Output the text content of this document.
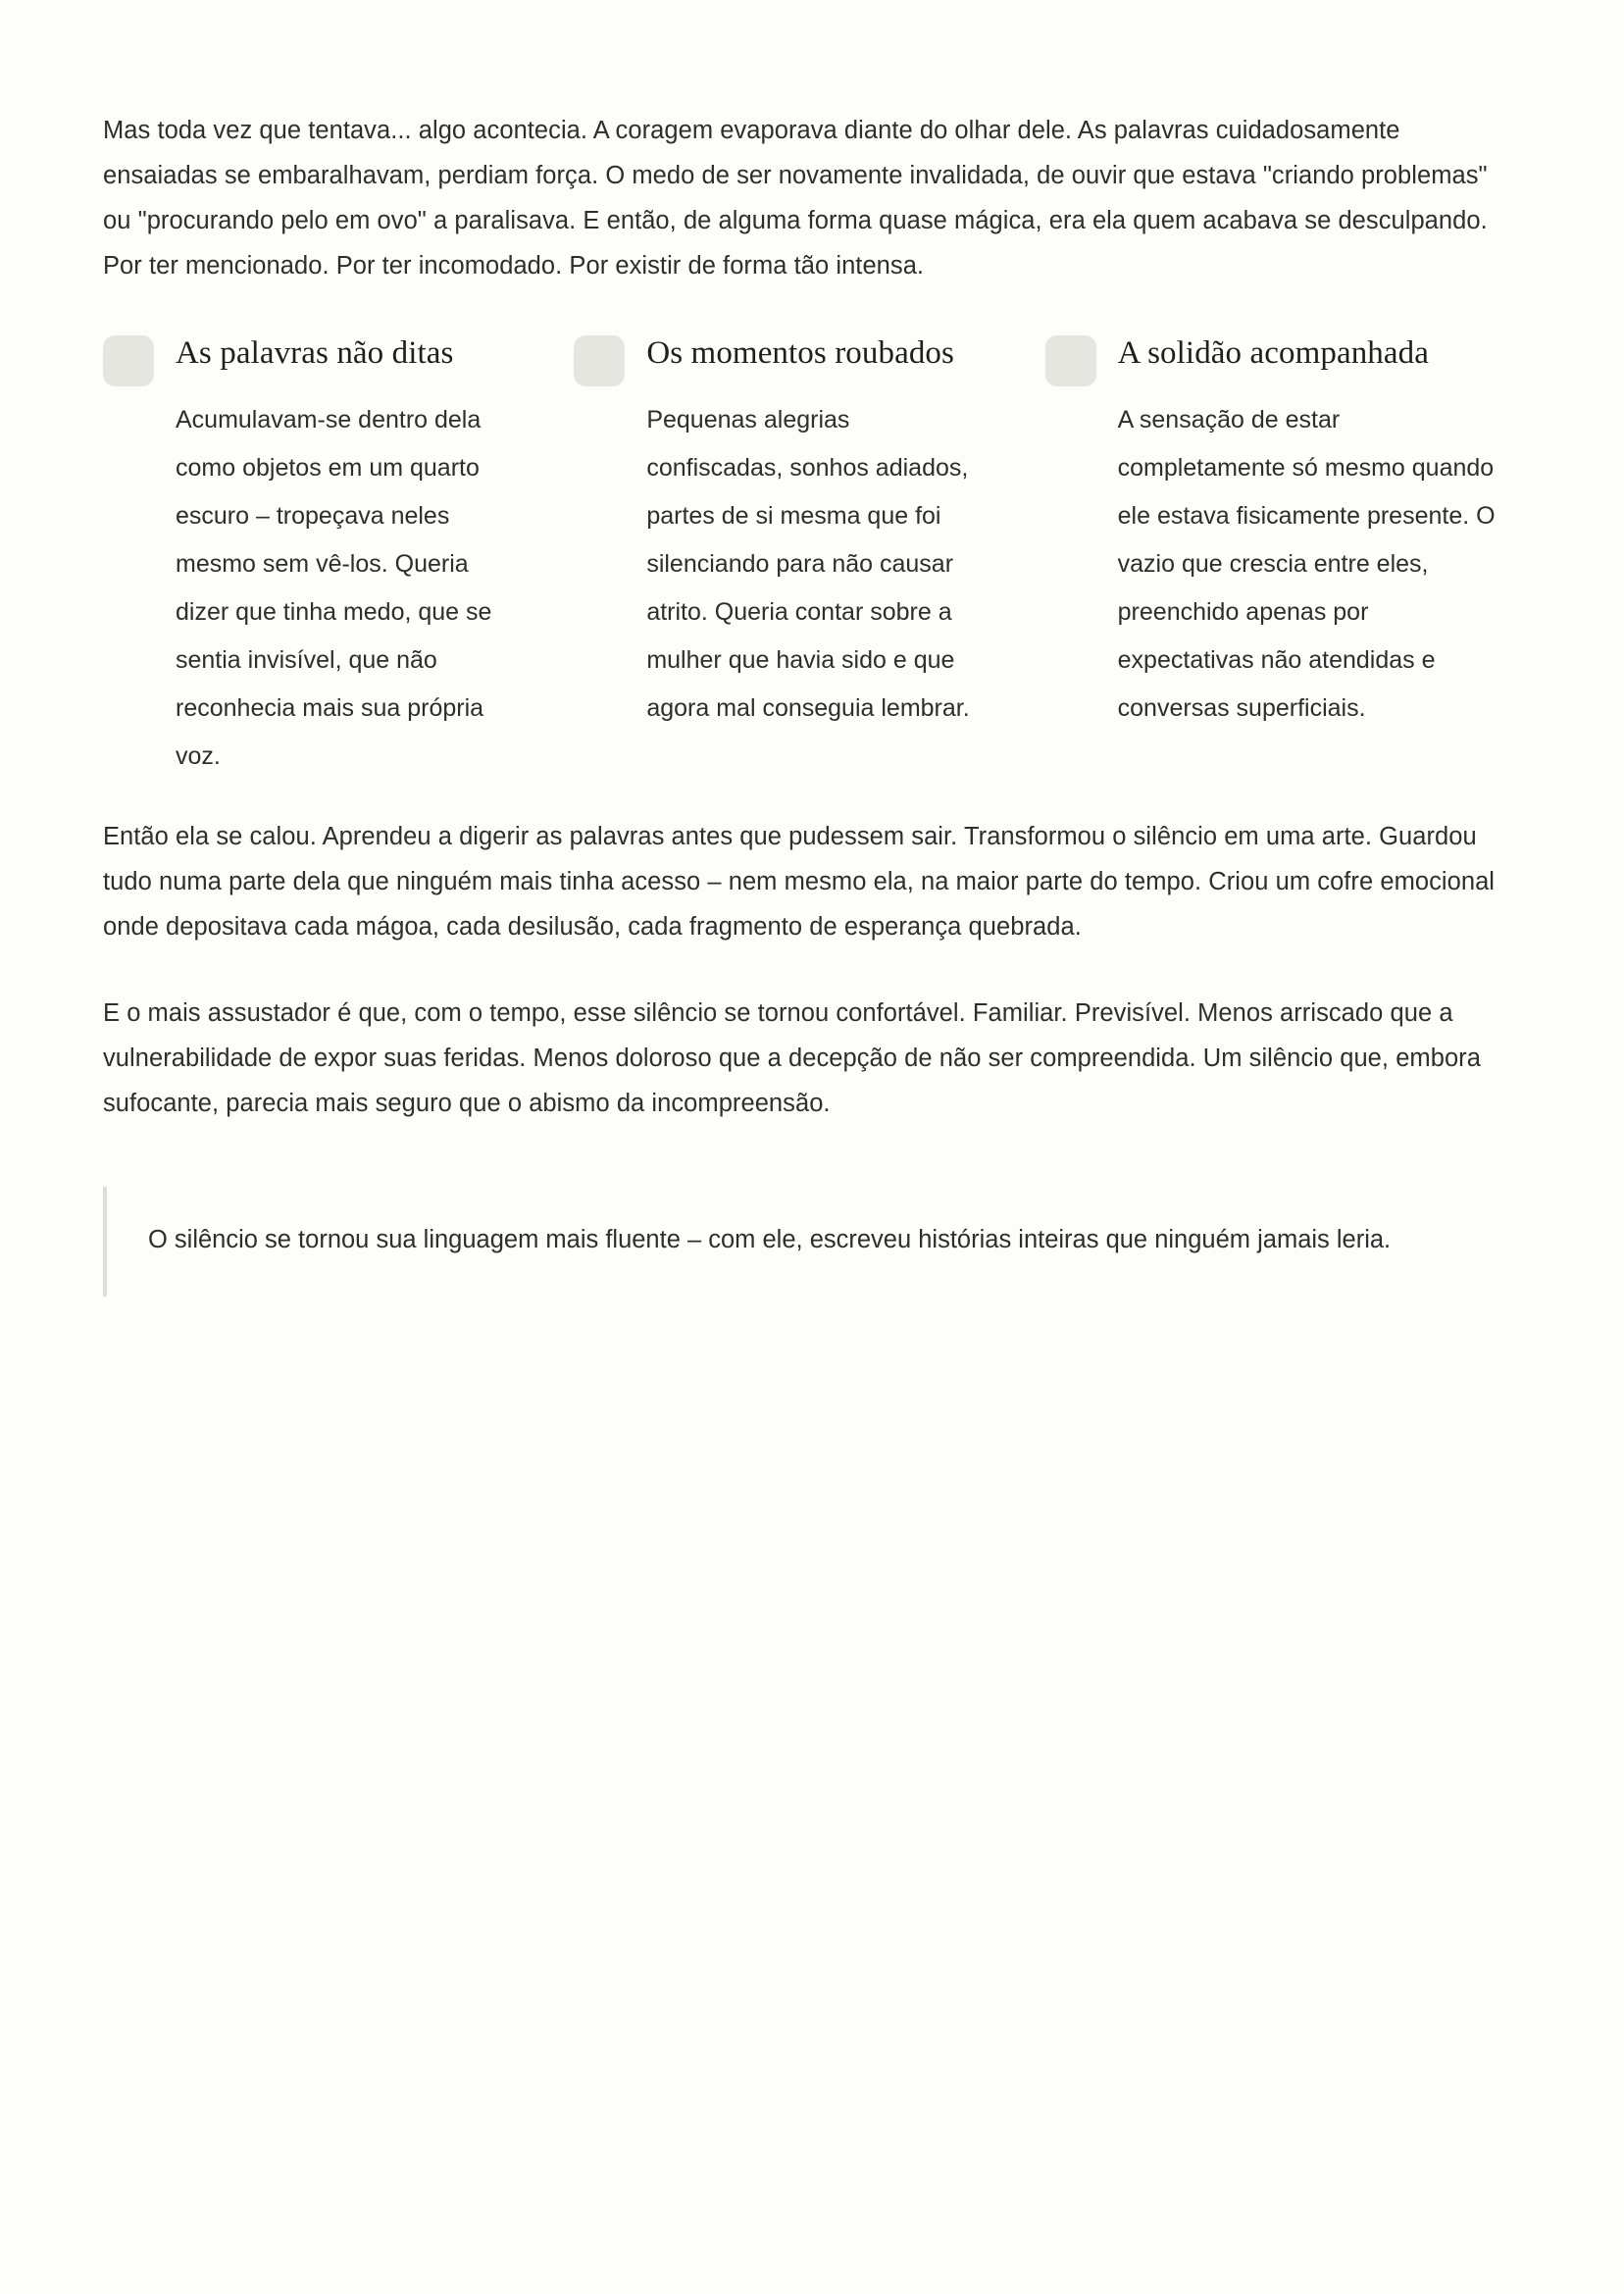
Mas toda vez que tentava... algo acontecia. A coragem evaporava diante do olhar dele. As palavras cuidadosamente ensaiadas se embaralhavam, perdiam força. O medo de ser novamente invalidada, de ouvir que estava "criando problemas" ou "procurando pelo em ovo" a paralisava. E então, de alguma forma quase mágica, era ela quem acabava se desculpando. Por ter mencionado. Por ter incomodado. Por existir de forma tão intensa.

As palavras não ditas

Acumulavam-se dentro dela como objetos em um quarto escuro – tropeçava neles mesmo sem vê-los. Queria dizer que tinha medo, que se sentia invisível, que não reconhecia mais sua própria voz.

Os momentos roubados

Pequenas alegrias confiscadas, sonhos adiados, partes de si mesma que foi silenciando para não causar atrito. Queria contar sobre a mulher que havia sido e que agora mal conseguia lembrar.

A solidão acompanhada

A sensação de estar completamente só mesmo quando ele estava fisicamente presente. O vazio que crescia entre eles, preenchido apenas por expectativas não atendidas e conversas superficiais.

Então ela se calou. Aprendeu a digerir as palavras antes que pudessem sair. Transformou o silêncio em uma arte. Guardou tudo numa parte dela que ninguém mais tinha acesso – nem mesmo ela, na maior parte do tempo. Criou um cofre emocional onde depositava cada mágoa, cada desilusão, cada fragmento de esperança quebrada.

E o mais assustador é que, com o tempo, esse silêncio se tornou confortável. Familiar. Previsível. Menos arriscado que a vulnerabilidade de expor suas feridas. Menos doloroso que a decepção de não ser compreendida. Um silêncio que, embora sufocante, parecia mais seguro que o abismo da incompreensão.

O silêncio se tornou sua linguagem mais fluente – com ele, escreveu histórias inteiras que ninguém jamais leria.
